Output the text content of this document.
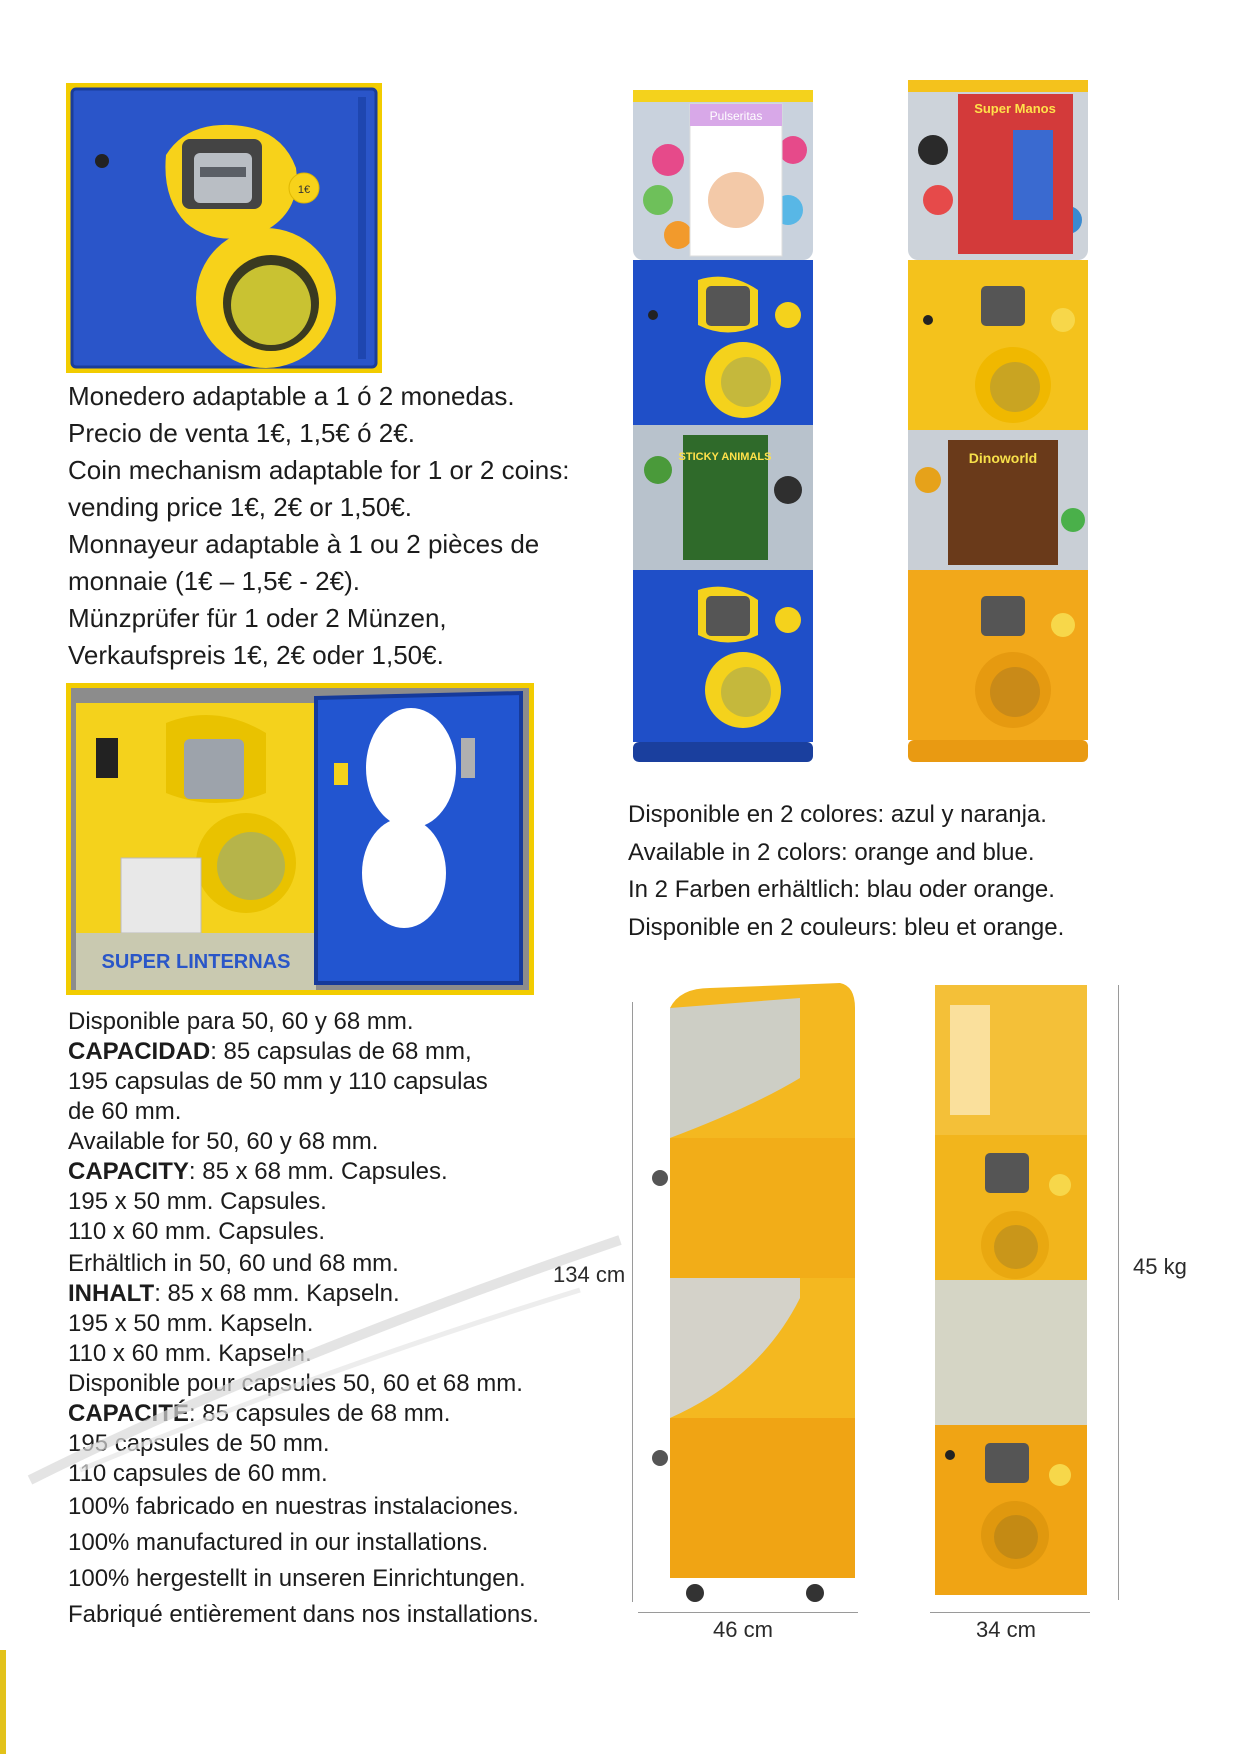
1€

Monedero adaptable a 1 ó 2 monedas.

Precio de venta 1€, 1,5€ ó 2€.

Coin mechanism adaptable for 1 or 2 coins:

vending price 1€, 2€ or 1,50€.

Monnayeur adaptable à 1 ou 2 pièces de

monnaie (1€ – 1,5€ - 2€).

Münzprüfer für 1 oder 2 Münzen,

Verkaufspreis 1€, 2€ oder 1,50€.

SUPER LINTERNAS

Disponible para 50, 60 y 68 mm.

CAPACIDAD: 85 capsulas de 68 mm,

195 capsulas de 50 mm y 110 capsulas

de 60 mm.

Available for 50, 60 y 68 mm.

CAPACITY: 85 x 68 mm. Capsules.

195 x 50 mm. Capsules.

110 x 60 mm. Capsules.

Erhältlich in 50, 60 und 68 mm.

INHALT: 85 x 68 mm. Kapseln.

195 x 50 mm. Kapseln.

110 x 60 mm. Kapseln.

Disponible pour capsules 50, 60 et 68 mm.

CAPACITÉ: 85 capsules de 68 mm.

195 capsules de 50 mm.

110 capsules de 60 mm.

100% fabricado en nuestras instalaciones.

100% manufactured in our installations.

100% hergestellt in unseren Einrichtungen.

Fabriqué entièrement dans nos installations.

Pulseritas
STICKY ANIMALS
Super Manos
Dinoworld

Disponible en 2 colores: azul y naranja.

Available in 2 colors: orange and blue.

In 2 Farben erhältlich: blau oder orange.

Disponible en 2 couleurs: bleu et orange.

134 cm	45 kg
46 cm	34 cm
